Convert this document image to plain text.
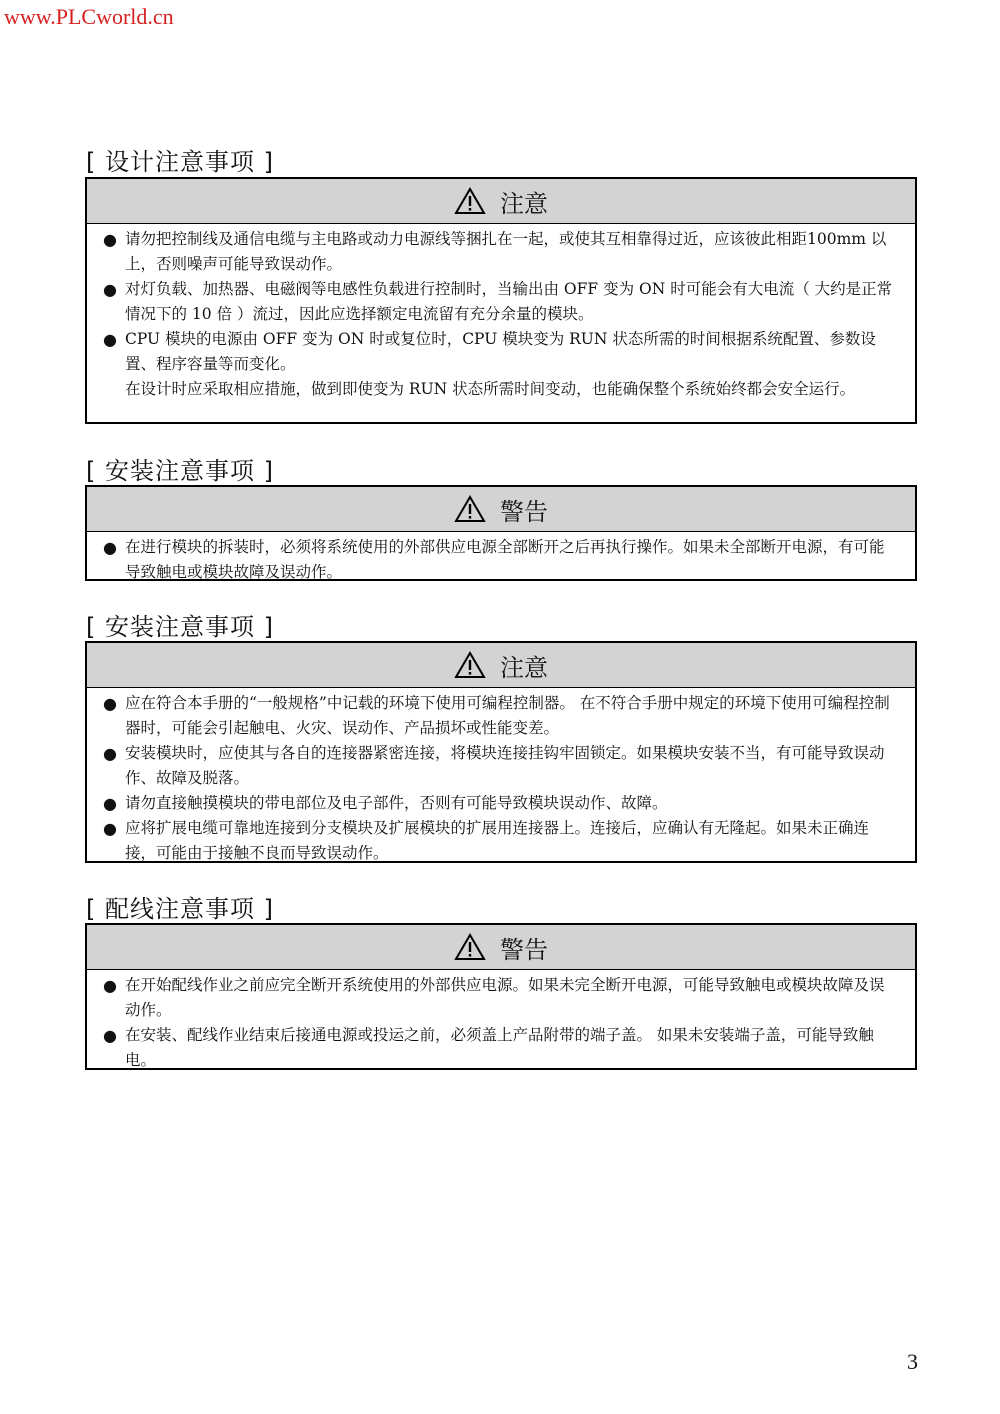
www.PLCworld.cn
[ 设计注意事项 ]
注意
● 请勿把控制线及通信电缆与主电路或动力电源线等捆扎在一起，或使其互相靠得过近，应该彼此相距100mm 以上，否则噪声可能导致误动作。
● 对灯负载、加热器、电磁阀等电感性负载进行控制时，当输出由 OFF 变为 ON 时可能会有大电流（ 大约是正常情况下的 10 倍 ）流过，因此应选择额定电流留有充分余量的模块。
● CPU 模块的电源由 OFF 变为 ON 时或复位时，CPU 模块变为 RUN 状态所需的时间根据系统配置、参数设置、程序容量等而变化。
在设计时应采取相应措施，做到即使变为 RUN 状态所需时间变动，也能确保整个系统始终都会安全运行。
[ 安装注意事项 ]
警告
● 在进行模块的拆装时，必须将系统使用的外部供应电源全部断开之后再执行操作。如果未全部断开电源，有可能导致触电或模块故障及误动作。
[ 安装注意事项 ]
注意
● 应在符合本手册的“一般规格”中记载的环境下使用可编程控制器。 在不符合手册中规定的环境下使用可编程控制器时，可能会引起触电、火灾、误动作、产品损坏或性能变差。
● 安装模块时，应使其与各自的连接器紧密连接，将模块连接挂钩牢固锁定。如果模块安装不当，有可能导致误动作、故障及脱落。
● 请勿直接触摸模块的带电部位及电子部件，否则有可能导致模块误动作、故障。
● 应将扩展电缆可靠地连接到分支模块及扩展模块的扩展用连接器上。连接后，应确认有无隆起。如果未正确连接，可能由于接触不良而导致误动作。
[ 配线注意事项 ]
警告
● 在开始配线作业之前应完全断开系统使用的外部供应电源。如果未完全断开电源，可能导致触电或模块故障及误动作。
● 在安装、配线作业结束后接通电源或投运之前，必须盖上产品附带的端子盖。 如果未安装端子盖，可能导致触电。
3
